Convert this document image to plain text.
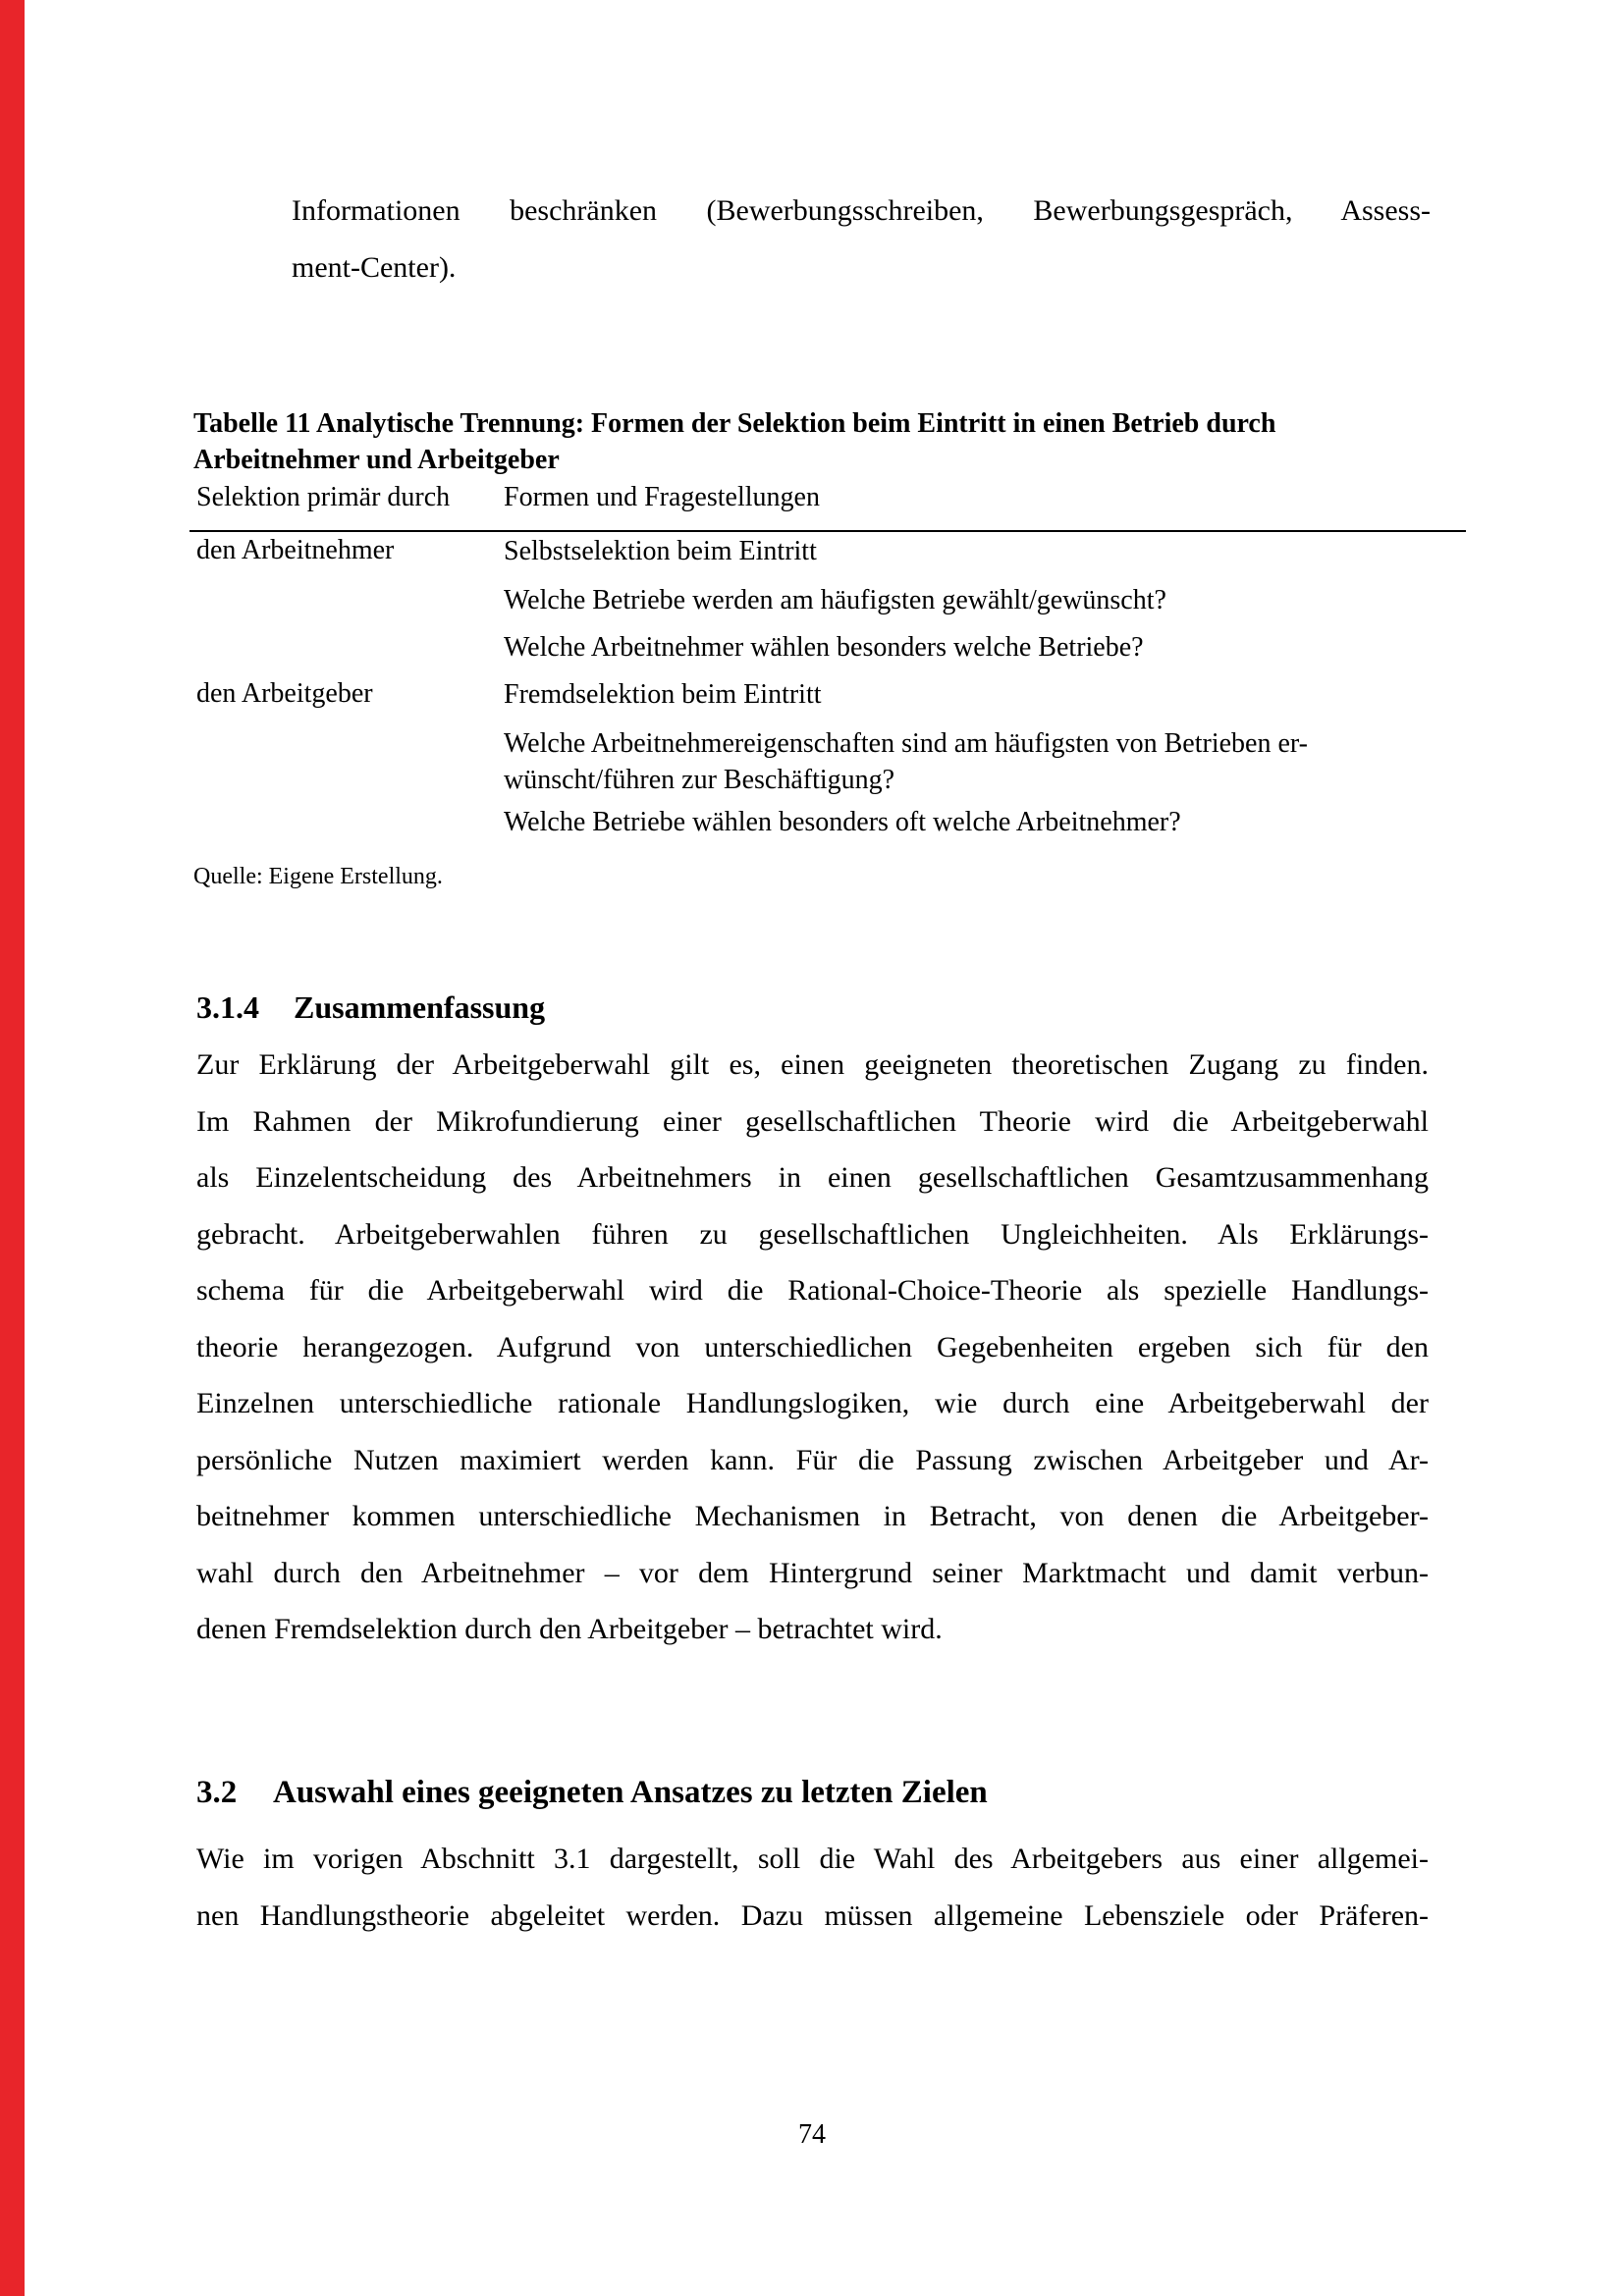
Informationen beschränken (Bewerbungsschreiben, Bewerbungsgespräch, Assess-
ment-Center).
Tabelle 11 Analytische Trennung: Formen der Selektion beim Eintritt in einen Betrieb durch
Arbeitnehmer und Arbeitgeber
Selektion primär durch Formen und Fragestellungen
den Arbeitnehmer	Selbstselektion beim Eintritt
Welche Betriebe werden am häufigsten gewählt/gewünscht?
Welche Arbeitnehmer wählen besonders welche Betriebe?
den Arbeitgeber	Fremdselektion beim Eintritt
Welche Arbeitnehmereigenschaften sind am häufigsten von Betrieben er-
wünscht/führen zur Beschäftigung?
Welche Betriebe wählen besonders oft welche Arbeitnehmer?
Quelle: Eigene Erstellung.
3.1.4 Zusammenfassung
Zur Erklärung der Arbeitgeberwahl gilt es, einen geeigneten theoretischen Zugang zu finden.
Im Rahmen der Mikrofundierung einer gesellschaftlichen Theorie wird die Arbeitgeberwahl
als Einzelentscheidung des Arbeitnehmers in einen gesellschaftlichen Gesamtzusammenhang
gebracht. Arbeitgeberwahlen führen zu gesellschaftlichen Ungleichheiten. Als Erklärungs-
schema für die Arbeitgeberwahl wird die Rational-Choice-Theorie als spezielle Handlungs-
theorie herangezogen. Aufgrund von unterschiedlichen Gegebenheiten ergeben sich für den
Einzelnen unterschiedliche rationale Handlungslogiken, wie durch eine Arbeitgeberwahl der
persönliche Nutzen maximiert werden kann. Für die Passung zwischen Arbeitgeber und Ar-
beitnehmer kommen unterschiedliche Mechanismen in Betracht, von denen die Arbeitgeber-
wahl durch den Arbeitnehmer – vor dem Hintergrund seiner Marktmacht und damit verbun-
denen Fremdselektion durch den Arbeitgeber – betrachtet wird.
3.2 Auswahl eines geeigneten Ansatzes zu letzten Zielen
Wie im vorigen Abschnitt 3.1 dargestellt, soll die Wahl des Arbeitgebers aus einer allgemei-
nen Handlungstheorie abgeleitet werden. Dazu müssen allgemeine Lebensziele oder Präferen-
74
